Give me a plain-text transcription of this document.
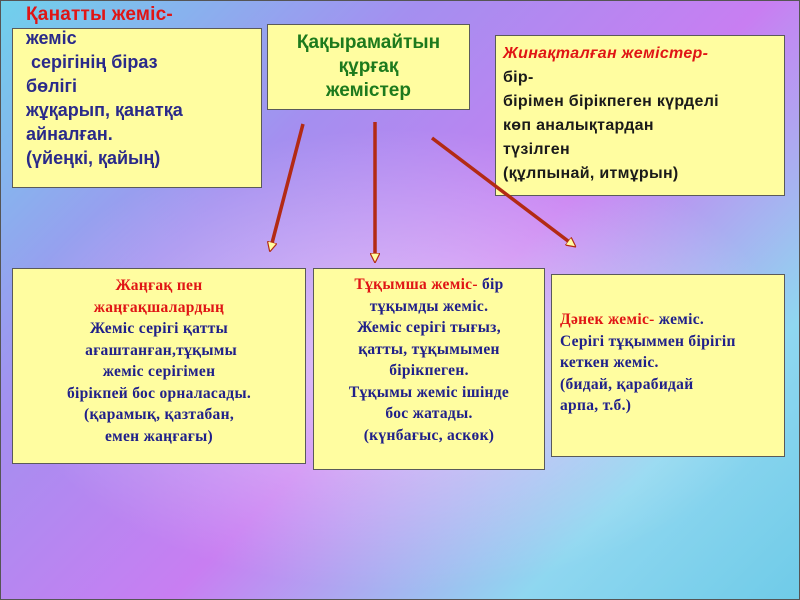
Қанатты жеміс-

жеміс
серігінің біраз
бөлігі
жұқарып, қанатқа
айналған.
(үйеңкі, қайың)

Қақырамайтын
құрғақ
жемістер
Жинақталған жемістер-
бір-
бірімен бірікпеген күрделі
көп аналықтардан
түзілген
(құлпынай, итмұрын)
Жаңғақ пен
жаңғақшалардың
Жеміс серігі қатты
ағаштанған,тұқымы
жеміс серігімен
бірікпей бос орналасады.
(қарамық, қазтабан,
емен жаңғағы)
Тұқымша жеміс- бір
тұқымды жеміс.
Жеміс серігі тығыз,
қатты, тұқымымен
бірікпеген.
Тұқымы жеміс ішінде
бос жатады.
(күнбағыс, аскөк)
Дәнек жеміс- жеміс.
Серігі тұқыммен бірігіп
кеткен жеміс.
(бидай, қарабидай
арпа, т.б.)
